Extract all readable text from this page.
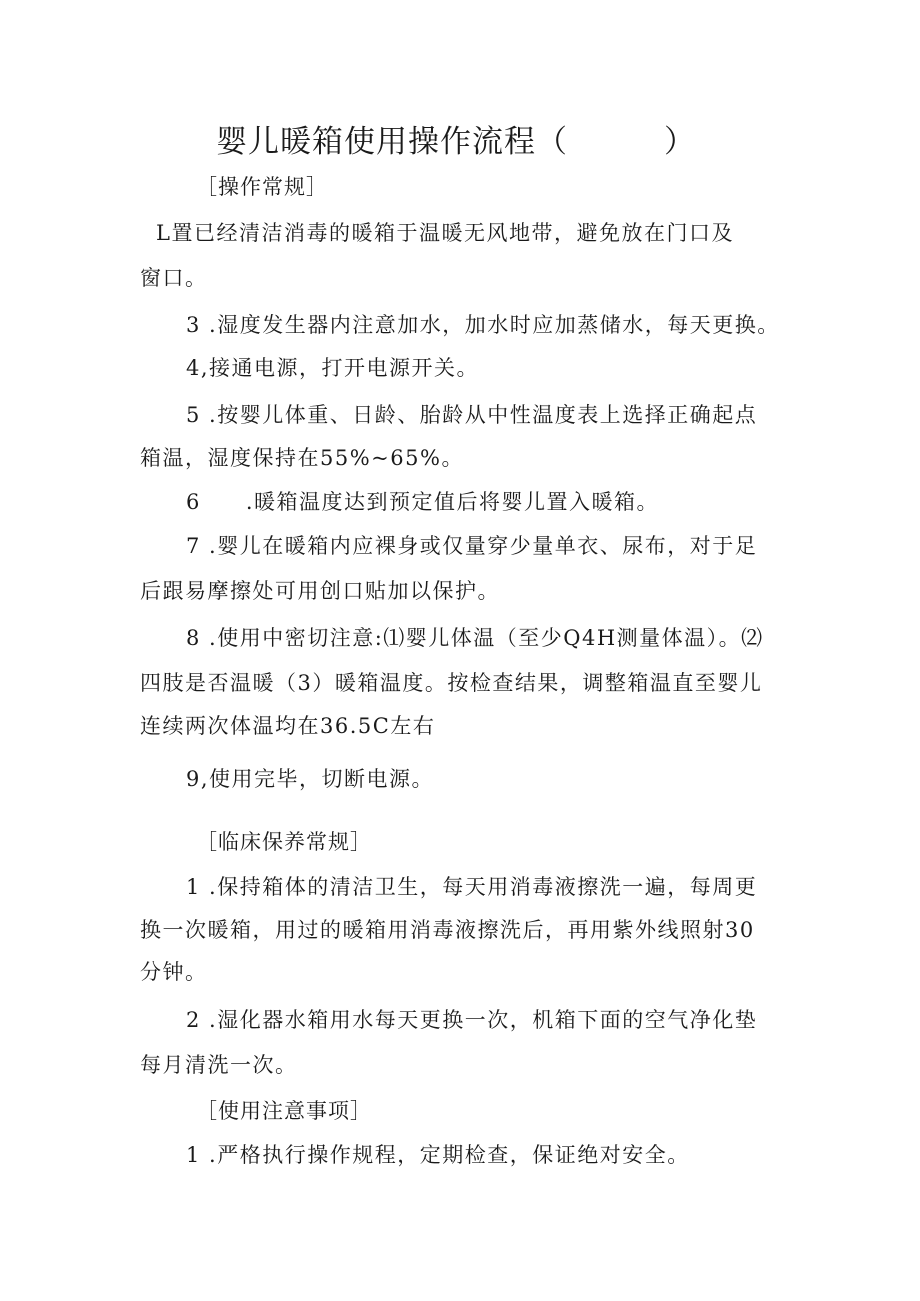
婴儿暖箱使用操作流程（　　　）
［操作常规］
L置已经清洁消毒的暖箱于温暖无风地带，避免放在门口及
窗口。
3 .湿度发生器内注意加水，加水时应加蒸储水，每天更换。
4,接通电源，打开电源开关。
5 .按婴儿体重、日龄、胎龄从中性温度表上选择正确起点
箱温，湿度保持在55%~65%。
6　　.暖箱温度达到预定值后将婴儿置入暖箱。
7 .婴儿在暖箱内应裸身或仅量穿少量单衣、尿布，对于足
后跟易摩擦处可用创口贴加以保护。
8 .使用中密切注意:⑴婴儿体温（至少Q4H测量体温）。⑵
四肢是否温暖（3）暖箱温度。按检查结果，调整箱温直至婴儿
连续两次体温均在36.5C左右
9,使用完毕，切断电源。
［临床保养常规］
1 .保持箱体的清洁卫生，每天用消毒液擦洗一遍，每周更
换一次暖箱，用过的暖箱用消毒液擦洗后，再用紫外线照射30
分钟。
2 .湿化器水箱用水每天更换一次，机箱下面的空气净化垫
每月清洗一次。
［使用注意事项］
1 .严格执行操作规程，定期检查，保证绝对安全。
